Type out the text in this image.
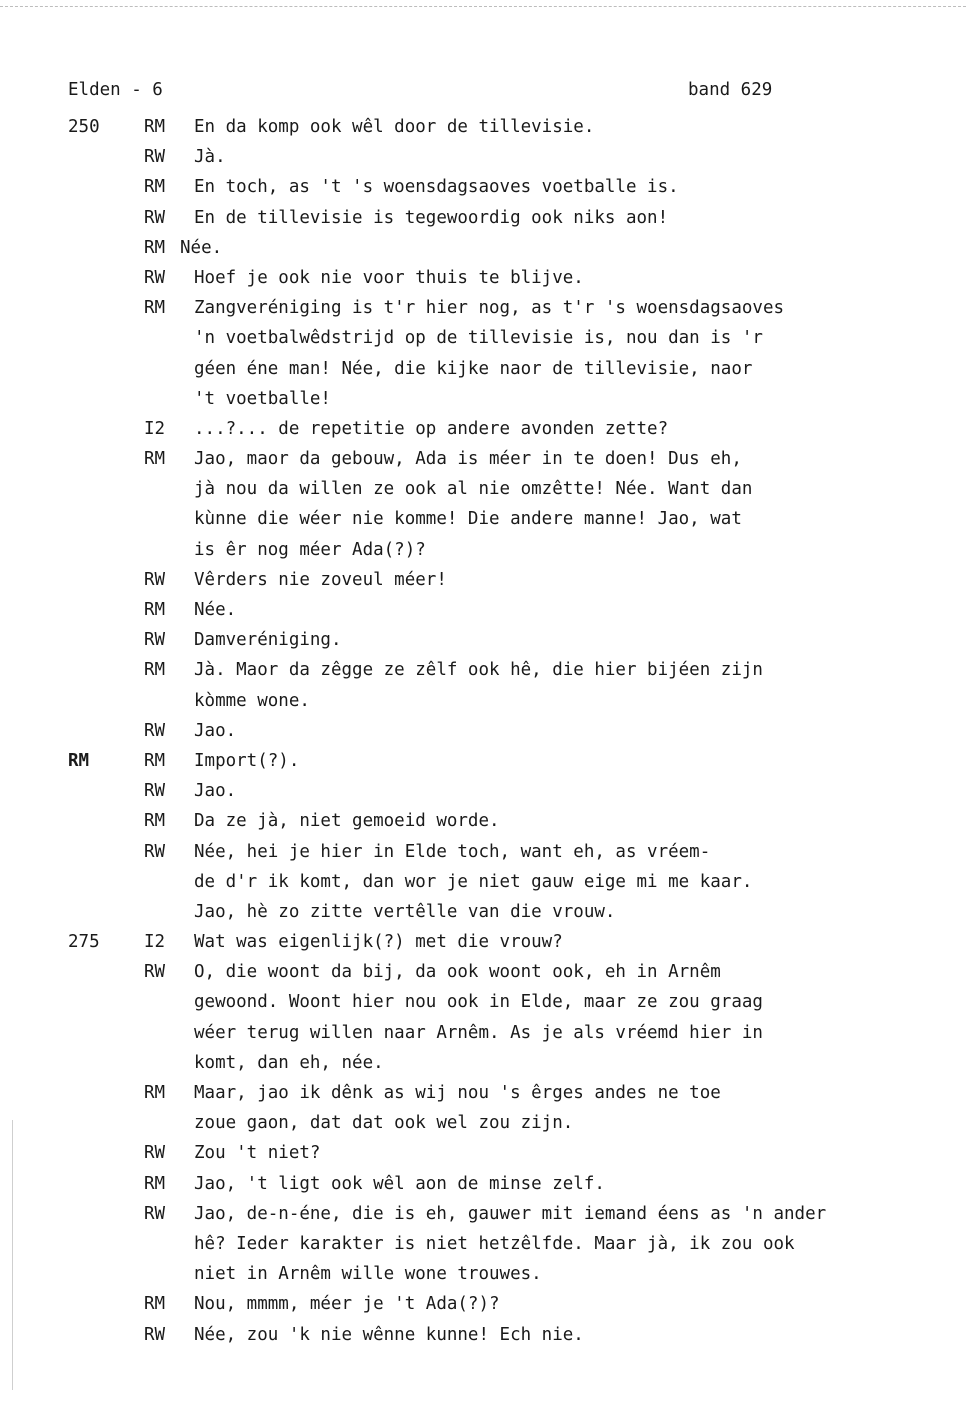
Elden - 6	band 629
250	RM En da komp ook wêl door de tillevisie.
RW Jà.
RM En toch, as 't 's woensdagsaoves voetballe is.
RW En de tillevisie is tegewoordig ook niks aon!
RM Née.
RW Hoef je ook nie voor thuis te blijve.
RM Zangveréniging is t'r hier nog, as t'r 's woensdagsaoves
'n voetbalwêdstrijd op de tillevisie is, nou dan is 'r
géen éne man! Née, die kijke naor de tillevisie, naor
't voetballe!
I2 ...?... de repetitie op andere avonden zette?
RM Jao, maor da gebouw, Ada is méer in te doen! Dus eh,
jà nou da willen ze ook al nie omzêtte! Née. Want dan
kùnne die wéer nie komme! Die andere manne! Jao, wat
is êr nog méer Ada(?)?
RW Vêrders nie zoveul méer!
RM Née.
RW Damveréniging.
RM Jà. Maor da zêgge ze zêlf ook hê, die hier bijéen zijn
kòmme wone.
RW Jao.
RM	RM Import(?).
RW Jao.
RM Da ze jà, niet gemoeid worde.
RW Née, hei je hier in Elde toch, want eh, as vréem-
de d'r ik komt, dan wor je niet gauw eige mi me kaar.
Jao, hè zo zitte vertêlle van die vrouw.
275	I2 Wat was eigenlijk(?) met die vrouw?
RW O, die woont da bij, da ook woont ook, eh in Arnêm
gewoond. Woont hier nou ook in Elde, maar ze zou graag
wéer terug willen naar Arnêm. As je als vréemd hier in
komt, dan eh, née.
RM Maar, jao ik dênk as wij nou 's êrges andes ne toe
zoue gaon, dat dat ook wel zou zijn.
RW Zou 't niet?
RM Jao, 't ligt ook wêl aon de minse zelf.
RW Jao, de-n-éne, die is eh, gauwer mit iemand éens as 'n ander
hê? Ieder karakter is niet hetzêlfde. Maar jà, ik zou ook
niet in Arnêm wille wone trouwes.
RM Nou, mmmm, méer je 't Ada(?)?
RW Née, zou 'k nie wênne kunne! Ech nie.
